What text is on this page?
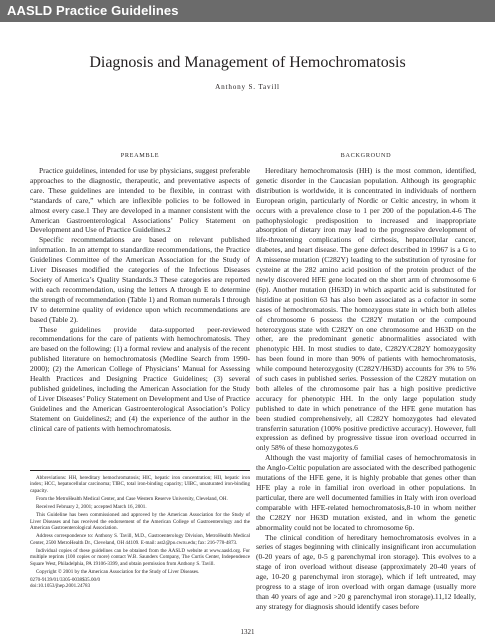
AASLD Practice Guidelines
Diagnosis and Management of Hemochromatosis
Anthony S. Tavill
PREAMBLE

Practice guidelines, intended for use by physicians, suggest preferable approaches to the diagnostic, therapeutic, and preventative aspects of care. These guidelines are intended to be flexible, in contrast with “standards of care,” which are inflexible policies to be followed in almost every case.1 They are developed in a manner consistent with the American Gastroenterological Associations’ Policy Statement on Development and Use of Practice Guidelines.2

Specific recommendations are based on relevant published information. In an attempt to standardize recommendations, the Practice Guidelines Committee of the American Association for the Study of Liver Diseases modified the categories of the Infectious Diseases Society of America’s Quality Standards.3 These categories are reported with each recommendation, using the letters A through E to determine the strength of recommendation (Table 1) and Roman numerals I through IV to determine quality of evidence upon which recommendations are based (Table 2).

These guidelines provide data-supported peer-reviewed recommendations for the care of patients with hemochromatosis. They are based on the following: (1) a formal review and analysis of the recent published literature on hemochromatosis (Medline Search from 1990-2000); (2) the American College of Physicians’ Manual for Assessing Health Practices and Designing Practice Guidelines; (3) several published guidelines, including the American Association for the Study of Liver Diseases’ Policy Statement on Development and Use of Practice Guidelines and the American Gastroenterological Association’s Policy Statement on Guidelines2; and (4) the experience of the author in the clinical care of patients with hemochromatosis.

Abbreviations: HH, hereditary hemochromatosis; HIC, hepatic iron concentration; HII, hepatic iron index; HCC, hepatocellular carcinoma; TIBC, total iron-binding capacity; UIBC, unsaturated iron-binding capacity.

From the MetroHealth Medical Center, and Case Western Reserve University, Cleveland, OH.

Received February 2, 2001; accepted March 16, 2001.

This Guideline has been commissioned and approved by the American Association for the Study of Liver Diseases and has received the endorsement of the American College of Gastroenterology and the American Gastroenterological Association.

Address correspondence to: Anthony S. Tavill, M.D., Gastroenterology Division, MetroHealth Medical Center, 2500 MetroHealth Dr., Cleveland, OH 44109. E-mail: ast2@po.cwru.edu; fax: 216-778-4873.

Individual copies of these guidelines can be obtained from the AASLD website at www.aasld.org. For multiple reprints (100 copies or more) contact W.B. Saunders Company, The Curtis Center, Independence Square West, Philadelphia, PA 19106-3399, and obtain permission from Anthony S. Tavill.

Copyright © 2001 by the American Association for the Study of Liver Diseases.

0270-9139/01/3305-0038$35.00/0

doi:10.1053/jhep.2001.24783

BACKGROUND

Hereditary hemochromatosis (HH) is the most common, identified, genetic disorder in the Caucasian population. Although its geographic distribution is worldwide, it is concentrated in individuals of northern European origin, particularly of Nordic or Celtic ancestry, in whom it occurs with a prevalence close to 1 per 200 of the population.4-6 The pathophysiologic predisposition to increased and inappropriate absorption of dietary iron may lead to the progressive development of life-threatening complications of cirrhosis, hepatocellular cancer, diabetes, and heart disease. The gene defect described in 19967 is a G to A missense mutation (C282Y) leading to the substitution of tyrosine for cysteine at the 282 amino acid position of the protein product of the newly discovered HFE gene located on the short arm of chromosome 6 (6p). Another mutation (H63D) in which aspartic acid is substituted for histidine at position 63 has also been associated as a cofactor in some cases of hemochromatosis. The homozygous state in which both alleles of chromosome 6 possess the C282Y mutation or the compound heterozygous state with C282Y on one chromosome and H63D on the other, are the predominant genetic abnormalities associated with phenotypic HH. In most studies to date, C282Y/C282Y homozygosity has been found in more than 90% of patients with hemochromatosis, while compound heterozygosity (C282Y/H63D) accounts for 3% to 5% of such cases in published series. Possession of the C282Y mutation on both alleles of the chromosome pair has a high positive predictive accuracy for phenotypic HH. In the only large population study published to date in which penetrance of the HFE gene mutation has been studied comprehensively, all C282Y homozygotes had elevated transferrin saturation (100% positive predictive accuracy). However, full expression as defined by progressive tissue iron overload occurred in only 58% of these homozygotes.6

Although the vast majority of familial cases of hemochromatosis in the Anglo-Celtic population are associated with the described pathogenic mutations of the HFE gene, it is highly probable that genes other than HFE play a role in familial iron overload in other populations. In particular, there are well documented families in Italy with iron overload comparable with HFE-related hemochromatosis,8-10 in whom neither the C282Y nor H63D mutation existed, and in whom the genetic abnormality could not be located to chromosome 6p.

The clinical condition of hereditary hemochromatosis evolves in a series of stages beginning with clinically insignificant iron accumulation (0-20 years of age, 0-5 g parenchymal iron storage). This evolves to a stage of iron overload without disease (approximately 20-40 years of age, 10-20 g parenchymal iron storage), which if left untreated, may progress to a stage of iron overload with organ damage (usually more than 40 years of age and >20 g parenchymal iron storage).11,12 Ideally, any strategy for diagnosis should identify cases before

1321
